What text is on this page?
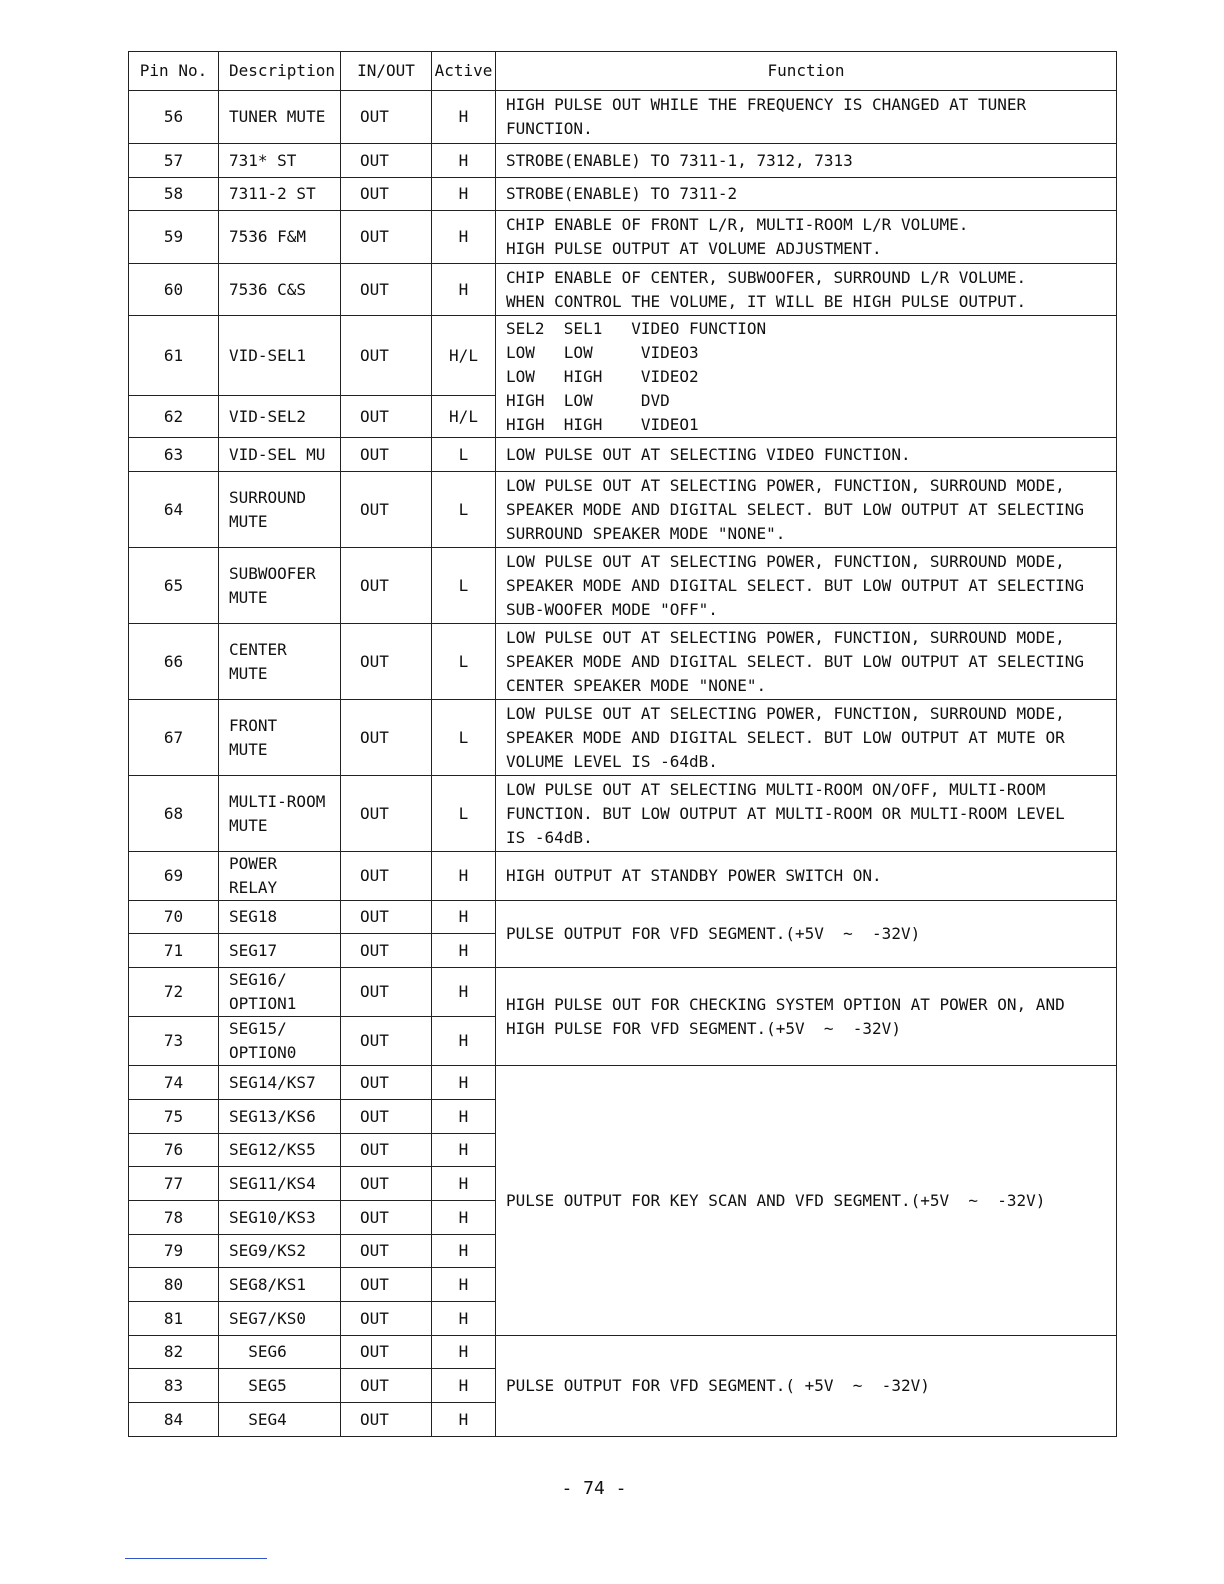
Pin No.	Description	IN/OUT	Active	Function
56	TUNER MUTE	OUT	H	HIGH PULSE OUT WHILE THE FREQUENCY IS CHANGED AT TUNER
FUNCTION.
57	731* ST	OUT	H	STROBE(ENABLE) TO 7311-1, 7312, 7313
58	7311-2 ST	OUT	H	STROBE(ENABLE) TO 7311-2
59	7536 F&M	OUT	H	CHIP ENABLE OF FRONT L/R, MULTI-ROOM L/R VOLUME.
HIGH PULSE OUTPUT AT VOLUME ADJUSTMENT.
60	7536 C&S	OUT	H	CHIP ENABLE OF CENTER, SUBWOOFER, SURROUND L/R VOLUME.
WHEN CONTROL THE VOLUME, IT WILL BE HIGH PULSE OUTPUT.
61	VID-SEL1	OUT	H/L	SEL2  SEL1   VIDEO FUNCTION
LOW   LOW     VIDEO3
LOW   HIGH    VIDEO2
HIGH  LOW     DVD
HIGH  HIGH    VIDEO1
62	VID-SEL2	OUT	H/L	
63	VID-SEL MU	OUT	L	LOW PULSE OUT AT SELECTING VIDEO FUNCTION.
64	SURROUND
MUTE	OUT	L	LOW PULSE OUT AT SELECTING POWER, FUNCTION, SURROUND MODE,
SPEAKER MODE AND DIGITAL SELECT. BUT LOW OUTPUT AT SELECTING
SURROUND SPEAKER MODE "NONE".
65	SUBWOOFER
MUTE	OUT	L	LOW PULSE OUT AT SELECTING POWER, FUNCTION, SURROUND MODE,
SPEAKER MODE AND DIGITAL SELECT. BUT LOW OUTPUT AT SELECTING
SUB-WOOFER MODE "OFF".
66	CENTER
MUTE	OUT	L	LOW PULSE OUT AT SELECTING POWER, FUNCTION, SURROUND MODE,
SPEAKER MODE AND DIGITAL SELECT. BUT LOW OUTPUT AT SELECTING
CENTER SPEAKER MODE "NONE".
67	FRONT
MUTE	OUT	L	LOW PULSE OUT AT SELECTING POWER, FUNCTION, SURROUND MODE,
SPEAKER MODE AND DIGITAL SELECT. BUT LOW OUTPUT AT MUTE OR
VOLUME LEVEL IS -64dB.
68	MULTI-ROOM
MUTE	OUT	L	LOW PULSE OUT AT SELECTING MULTI-ROOM ON/OFF, MULTI-ROOM
FUNCTION. BUT LOW OUTPUT AT MULTI-ROOM OR MULTI-ROOM LEVEL
IS -64dB.
69	POWER
RELAY	OUT	H	HIGH OUTPUT AT STANDBY POWER SWITCH ON.
70	SEG18	OUT	H	PULSE OUTPUT FOR VFD SEGMENT.(+5V  ~  -32V)
71	SEG17	OUT	H	
72	SEG16/
OPTION1	OUT	H	HIGH PULSE OUT FOR CHECKING SYSTEM OPTION AT POWER ON, AND
HIGH PULSE FOR VFD SEGMENT.(+5V  ~  -32V)
73	SEG15/
OPTION0	OUT	H	
74	SEG14/KS7	OUT	H	PULSE OUTPUT FOR KEY SCAN AND VFD SEGMENT.(+5V  ~  -32V)
75	SEG13/KS6	OUT	H	
76	SEG12/KS5	OUT	H	
77	SEG11/KS4	OUT	H	
78	SEG10/KS3	OUT	H	
79	SEG9/KS2	OUT	H	
80	SEG8/KS1	OUT	H	
81	SEG7/KS0	OUT	H	
82	SEG6	OUT	H	PULSE OUTPUT FOR VFD SEGMENT.( +5V  ~  -32V)
83	SEG5	OUT	H	
84	SEG4	OUT	H	
- 74 -
